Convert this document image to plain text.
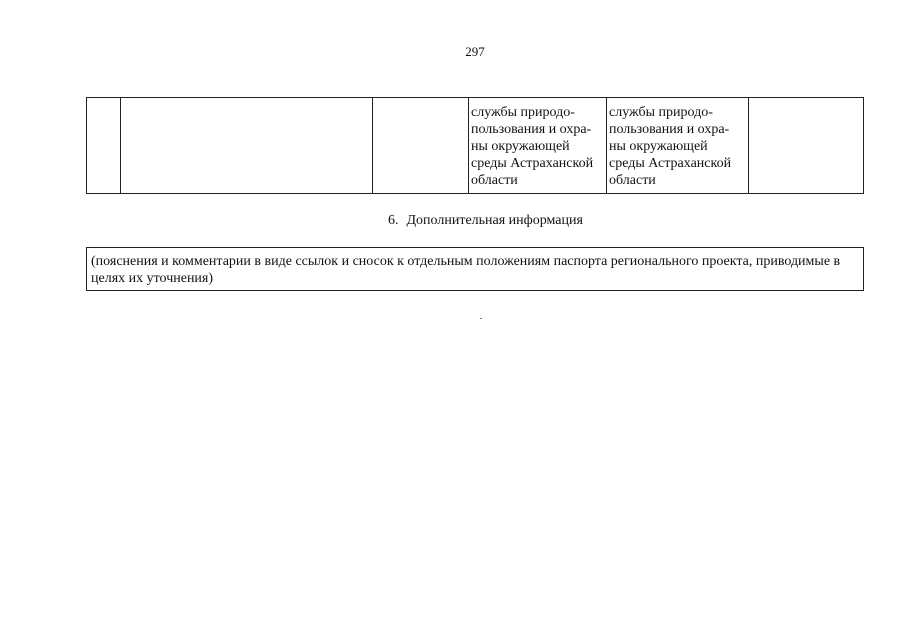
297
			службы природо-
пользования и охра-
ны окружающей
среды Астраханской
области	службы природо-
пользования и охра-
ны окружающей
среды Астраханской
области	
6. Дополнительная информация
(пояснения и комментарии в виде ссылок и сносок к отдельным положениям паспорта регионального проекта, приводимые в целях их уточнения)
